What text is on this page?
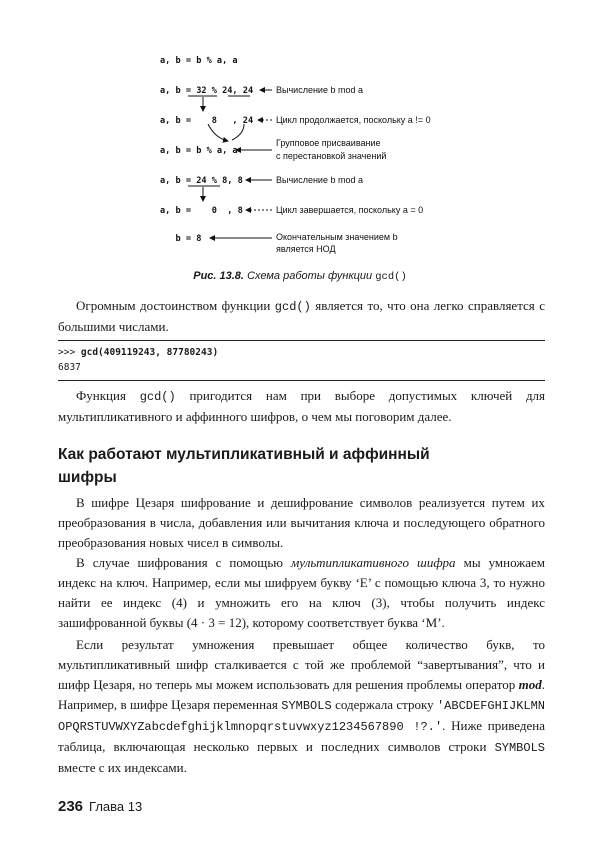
a, b = b % a, a
a, b = 32 % 24, 24	Вычисление b mod a
a, b =    8   , 24	Цикл продолжается, поскольку a != 0
a, b = b % a, a
Групповое присваивание
с перестановкой значений
a, b = 24 % 8, 8	Вычисление b mod a
a, b =    0  , 8	Цикл завершается, поскольку a = 0
b = 8	Окончательным значением b
является НОД
Рис. 13.8. Схема работы функции gcd()
Огромным достоинством функции gcd() является то, что она легко справляется с большими числами.
>>> gcd(409119243, 87780243)
6837
Функция gcd() пригодится нам при выборе допустимых ключей для мультипликативного и аффинного шифров, о чем мы поговорим далее.
Как работают мультипликативный и аффинный шифры
В шифре Цезаря шифрование и дешифрование символов реализуется путем их преобразования в числа, добавления или вычитания ключа и последующего обратного преобразования новых чисел в символы.
В случае шифрования с помощью мультипликативного шифра мы умножаем индекс на ключ. Например, если мы шифруем букву ‘E’ с помощью ключа 3, то нужно найти ее индекс (4) и умножить его на ключ (3), чтобы получить индекс зашифрованной буквы (4 · 3 = 12), которому соответствует буква ‘M’.
Если результат умножения превышает общее количество букв, то мультипликативный шифр сталкивается с той же проблемой “завертывания”, что и шифр Цезаря, но теперь мы можем использовать для решения проблемы оператор mod. Например, в шифре Цезаря переменная SYMBOLS содержала строку 'ABCDEFGHIJKLMNOPQRSTUVWXYZabcdefghijklmnopqrstuvwxyz1234567890 !?.'. Ниже приведена таблица, включающая несколько первых и последних символов строки SYMBOLS вместе с их индексами.
236 Глава 13
